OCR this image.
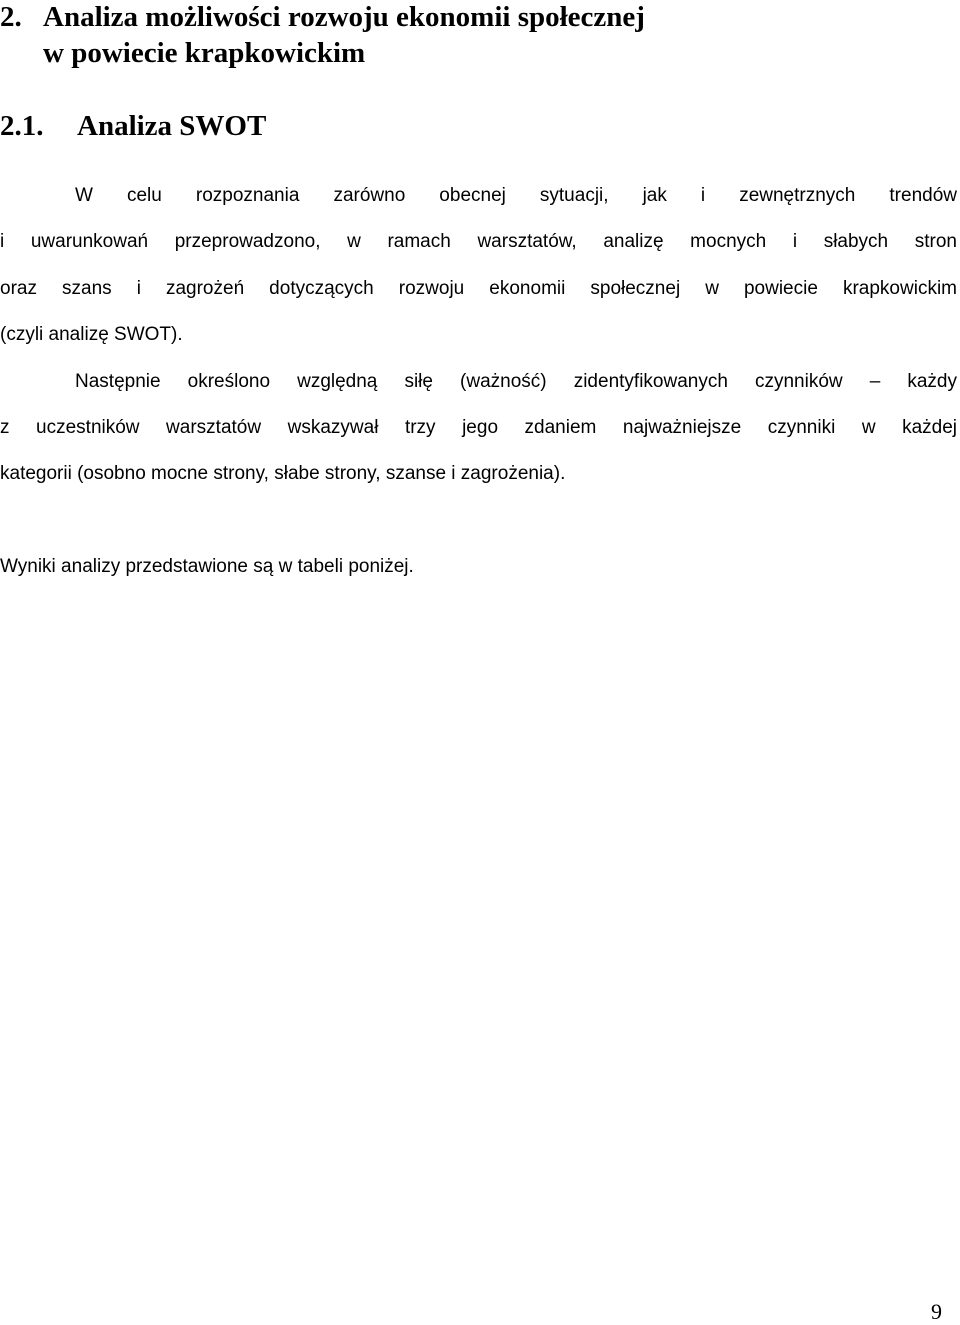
2. Analiza możliwości rozwoju ekonomii społecznej
w powiecie krapkowickim
2.1. Analiza SWOT
W celu rozpoznania zarówno obecnej sytuacji, jak i zewnętrznych trendów
i uwarunkowań przeprowadzono, w ramach warsztatów, analizę mocnych i słabych stron
oraz szans i zagrożeń dotyczących rozwoju ekonomii społecznej w powiecie krapkowickim
(czyli analizę SWOT).
Następnie określono względną siłę (ważność) zidentyfikowanych czynników – każdy
z uczestników warsztatów wskazywał trzy jego zdaniem najważniejsze czynniki w każdej
kategorii (osobno mocne strony, słabe strony, szanse i zagrożenia).
Wyniki analizy przedstawione są w tabeli poniżej.
9
